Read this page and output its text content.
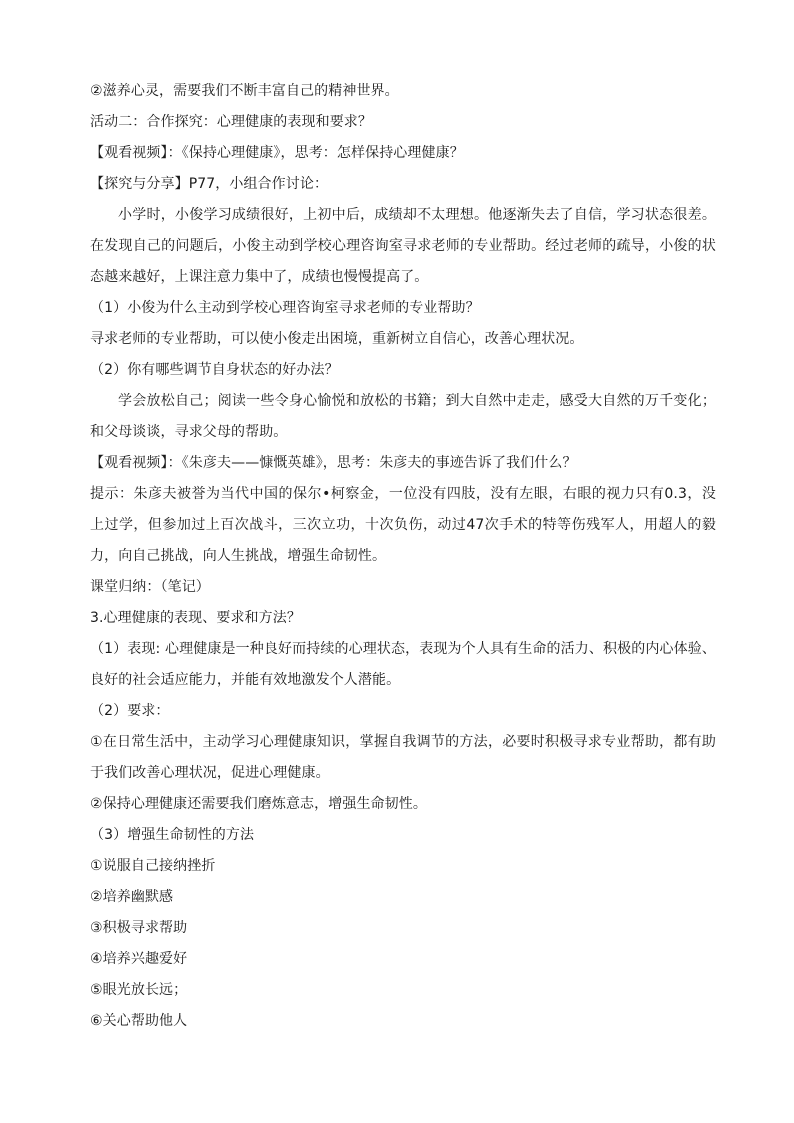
②滋养心灵，需要我们不断丰富自己的精神世界。
活动二：合作探究：心理健康的表现和要求？
【观看视频】：《保持心理健康》，思考：怎样保持心理健康？
【探究与分享】P77，小组合作讨论：
小学时，小俊学习成绩很好，上初中后，成绩却不太理想。他逐渐失去了自信，学习状态很差。
在发现自己的问题后，小俊主动到学校心理咨询室寻求老师的专业帮助。经过老师的疏导，小俊的状
态越来越好，上课注意力集中了，成绩也慢慢提高了。
（1）小俊为什么主动到学校心理咨询室寻求老师的专业帮助？
寻求老师的专业帮助，可以使小俊走出困境，重新树立自信心，改善心理状况。
（2）你有哪些调节自身状态的好办法？
学会放松自己；阅读一些令身心愉悦和放松的书籍；到大自然中走走，感受大自然的万千变化；
和父母谈谈，寻求父母的帮助。
【观看视频】：《朱彦夫——慷慨英雄》，思考：朱彦夫的事迹告诉了我们什么？
提示：朱彦夫被誉为当代中国的保尔•柯察金，一位没有四肢，没有左眼，右眼的视力只有0.3，没
上过学，但参加过上百次战斗，三次立功，十次负伤，动过47次手术的特等伤残军人，用超人的毅
力，向自己挑战，向人生挑战，增强生命韧性。
课堂归纳：（笔记）
3.心理健康的表现、要求和方法？
（1）表现: 心理健康是一种良好而持续的心理状态，表现为个人具有生命的活力、积极的内心体验、
良好的社会适应能力，并能有效地激发个人潜能。
（2）要求：
①在日常生活中，主动学习心理健康知识，掌握自我调节的方法，必要时积极寻求专业帮助，都有助
于我们改善心理状况，促进心理健康。
②保持心理健康还需要我们磨炼意志，增强生命韧性。
（3）增强生命韧性的方法
①说服自己接纳挫折
②培养幽默感
③积极寻求帮助
④培养兴趣爱好
⑤眼光放长远；
⑥关心帮助他人
